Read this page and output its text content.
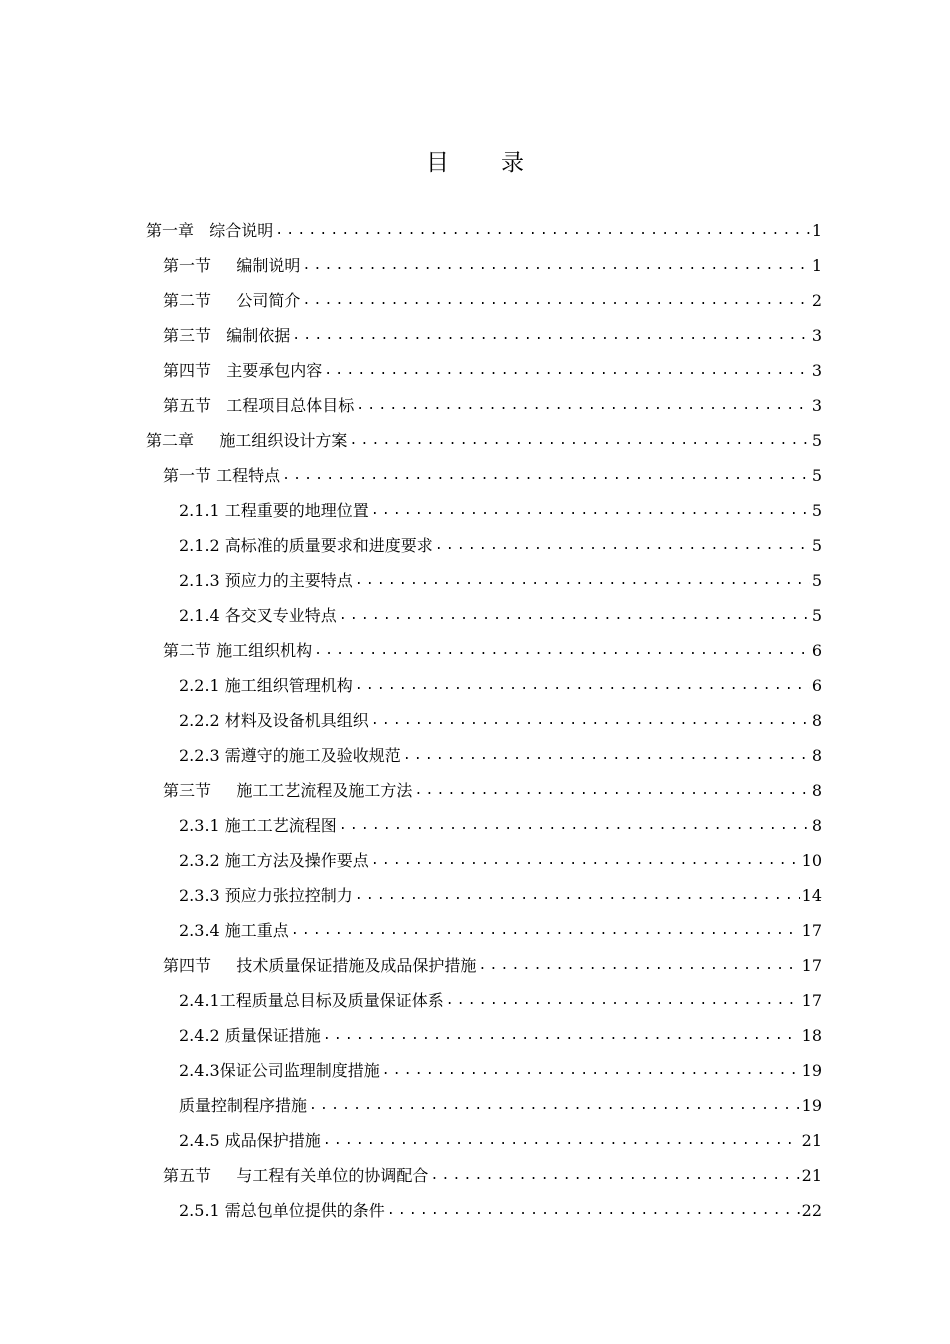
目 录
第一章   综合说明 .....	1
第一节     编制说明 .....	1
第二节     公司简介 .....	2
第三节   编制依据 .....	3
第四节   主要承包内容 .....	3
第五节   工程项目总体目标 .....	3
第二章     施工组织设计方案 .....	5
第一节 工程特点 .....	5
2.1.1 工程重要的地理位置 .....	5
2.1.2 高标准的质量要求和进度要求 .....	5
2.1.3 预应力的主要特点 .....	5
2.1.4 各交叉专业特点 .....	5
第二节 施工组织机构 .....	6
2.2.1 施工组织管理机构 .....	6
2.2.2 材料及设备机具组织 .....	8
2.2.3 需遵守的施工及验收规范 .....	8
第三节     施工工艺流程及施工方法 .....	8
2.3.1 施工工艺流程图 .....	8
2.3.2 施工方法及操作要点 .....	10
2.3.3 预应力张拉控制力 .....	14
2.3.4 施工重点 .....	17
第四节     技术质量保证措施及成品保护措施 .....	17
2.4.1工程质量总目标及质量保证体系 .....	17
2.4.2 质量保证措施 .....	18
2.4.3保证公司监理制度措施 .....	19
质量控制程序措施 .....	19
2.4.5 成品保护措施 .....	21
第五节     与工程有关单位的协调配合 .....	21
2.5.1 需总包单位提供的条件 .....	22
